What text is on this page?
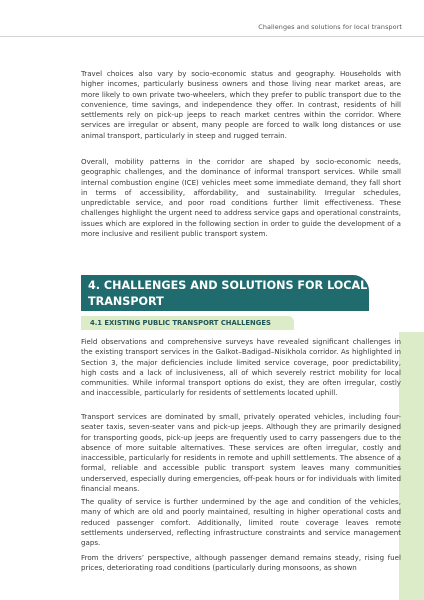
Challenges and solutions for local transport

Travel choices also vary by socio-economic status and geography. Households with higher incomes, particularly business owners and those living near market areas, are more likely to own private two-wheelers, which they prefer to public transport due to the convenience, time savings, and independence they offer. In contrast, residents of hill settlements rely on pick-up jeeps to reach market centres within the corridor. Where services are irregular or absent, many people are forced to walk long distances or use animal transport, particularly in steep and rugged terrain.

Overall, mobility patterns in the corridor are shaped by socio-economic needs, geographic challenges, and the dominance of informal transport services. While small internal combustion engine (ICE) vehicles meet some immediate demand, they fall short in terms of accessibility, affordability, and sustainability. Irregular schedules, unpredictable service, and poor road conditions further limit effectiveness. These challenges highlight the urgent need to address service gaps and operational constraints, issues which are explored in the following section in order to guide the development of a more inclusive and resilient public transport system.

4. CHALLENGES AND SOLUTIONS FOR LOCAL TRANSPORT
4.1 EXISTING PUBLIC TRANSPORT CHALLENGES

Field observations and comprehensive surveys have revealed significant challenges in the existing transport services in the Galkot–Badigad–Nisikhola corridor. As highlighted in Section 3, the major deficiencies include limited service coverage, poor predictability, high costs and a lack of inclusiveness, all of which severely restrict mobility for local communities. While informal transport options do exist, they are often irregular, costly and inaccessible, particularly for residents of settlements located uphill.

Transport services are dominated by small, privately operated vehicles, including four-seater taxis, seven-seater vans and pick-up jeeps. Although they are primarily designed for transporting goods, pick-up jeeps are frequently used to carry passengers due to the absence of more suitable alternatives. These services are often irregular, costly and inaccessible, particularly for residents in remote and uphill settlements. The absence of a formal, reliable and accessible public transport system leaves many communities underserved, especially during emergencies, off-peak hours or for individuals with limited financial means.

The quality of service is further undermined by the age and condition of the vehicles, many of which are old and poorly maintained, resulting in higher operational costs and reduced passenger comfort. Additionally, limited route coverage leaves remote settlements underserved, reflecting infrastructure constraints and service management gaps.

From the drivers’ perspective, although passenger demand remains steady, rising fuel prices, deteriorating road conditions (particularly during monsoons, as shown
